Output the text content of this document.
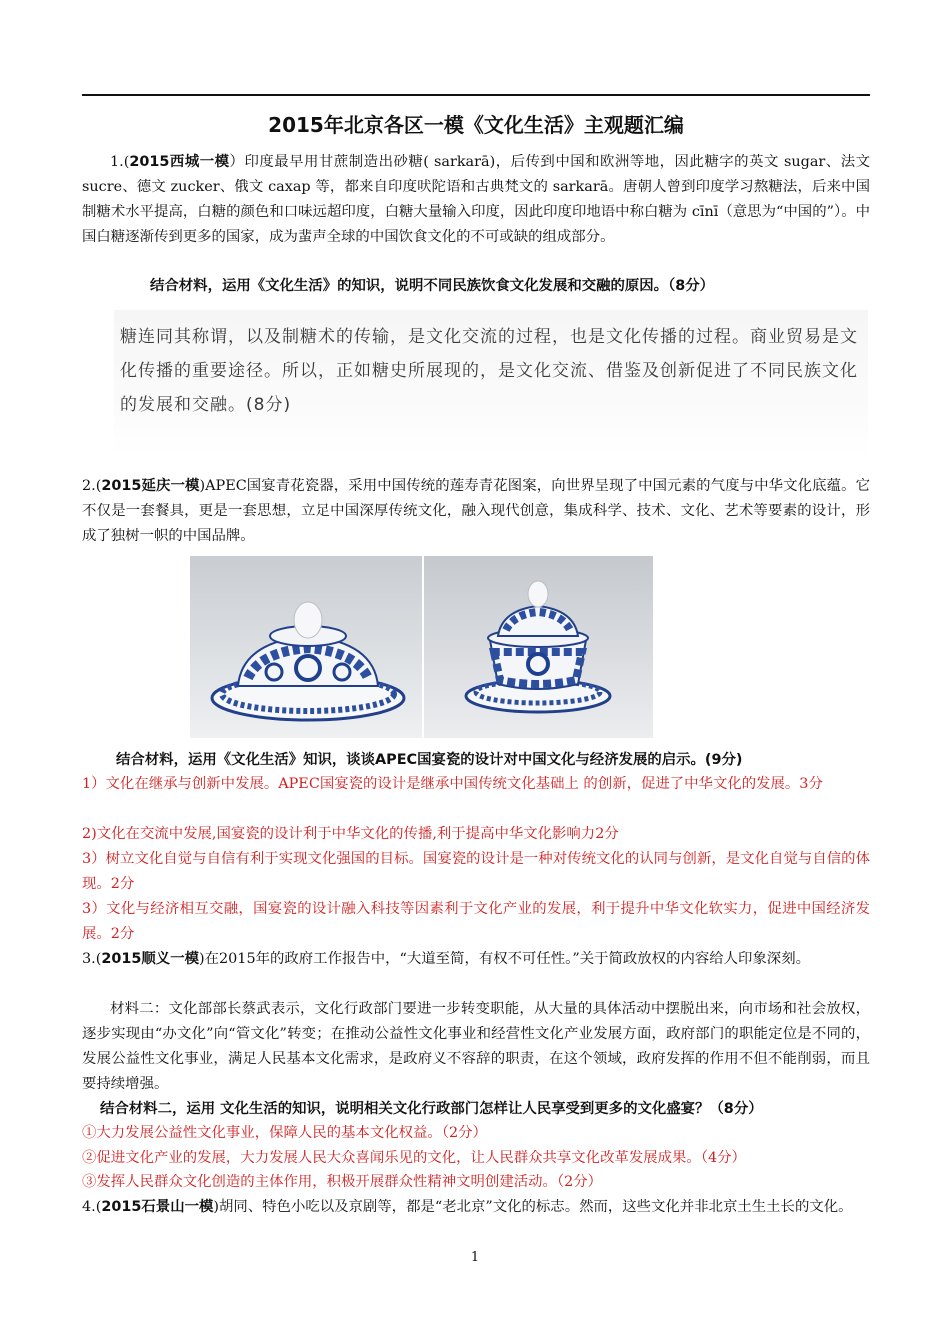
2015年北京各区一模《文化生活》主观题汇编
1.(2015西城一模）印度最早用甘蔗制造出砂糖( sarkarā)，后传到中国和欧洲等地，因此糖字的英文 sugar、法文 sucre、德文 zucker、俄文 caxap 等，都来自印度吠陀语和古典梵文的 sarkarā。唐朝人曾到印度学习熬糖法，后来中国制糖术水平提高，白糖的颜色和口味远超印度，白糖大量输入印度，因此印度印地语中称白糖为 cīnī（意思为“中国的”）。中国白糖逐渐传到更多的国家，成为蜚声全球的中国饮食文化的不可或缺的组成部分。
结合材料，运用《文化生活》的知识，说明不同民族饮食文化发展和交融的原因。（8分）
糖连同其称谓，以及制糖术的传输，是文化交流的过程，也是文化传播的过程。商业贸易是文化传播的重要途径。所以，正如糖史所展现的，是文化交流、借鉴及创新促进了不同民族文化的发展和交融。(8分)
2.(2015延庆一模)APEC国宴青花瓷器，采用中国传统的莲寿青花图案，向世界呈现了中国元素的气度与中华文化底蕴。它不仅是一套餐具，更是一套思想，立足中国深厚传统文化，融入现代创意，集成科学、技术、文化、艺术等要素的设计，形成了独树一帜的中国品牌。
结合材料，运用《文化生活》知识，谈谈APEC国宴瓷的设计对中国文化与经济发展的启示。(9分)
1）文化在继承与创新中发展。APEC国宴瓷的设计是继承中国传统文化基础上 的创新，促进了中华文化的发展。3分
2)文化在交流中发展,国宴瓷的设计利于中华文化的传播,利于提高中华文化影响力2分
3）树立文化自觉与自信有利于实现文化强国的目标。国宴瓷的设计是一种对传统文化的认同与创新，是文化自觉与自信的体现。2分
3）文化与经济相互交融，国宴瓷的设计融入科技等因素利于文化产业的发展，利于提升中华文化软实力，促进中国经济发展。2分
3.(2015顺义一模)在2015年的政府工作报告中，“大道至简，有权不可任性。”关于简政放权的内容给人印象深刻。
材料二：文化部部长蔡武表示，文化行政部门要进一步转变职能，从大量的具体活动中摆脱出来，向市场和社会放权，逐步实现由“办文化”向“管文化”转变；在推动公益性文化事业和经营性文化产业发展方面，政府部门的职能定位是不同的，发展公益性文化事业，满足人民基本文化需求，是政府义不容辞的职责，在这个领域，政府发挥的作用不但不能削弱，而且要持续增强。
结合材料二，运用 文化生活的知识，说明相关文化行政部门怎样让人民享受到更多的文化盛宴？（8分）
①大力发展公益性文化事业，保障人民的基本文化权益。（2分）
②促进文化产业的发展，大力发展人民大众喜闻乐见的文化，让人民群众共享文化改革发展成果。（4分）
③发挥人民群众文化创造的主体作用，积极开展群众性精神文明创建活动。（2分）
4.(2015石景山一模)胡同、特色小吃以及京剧等，都是“老北京”文化的标志。然而，这些文化并非北京土生土长的文化。
1
